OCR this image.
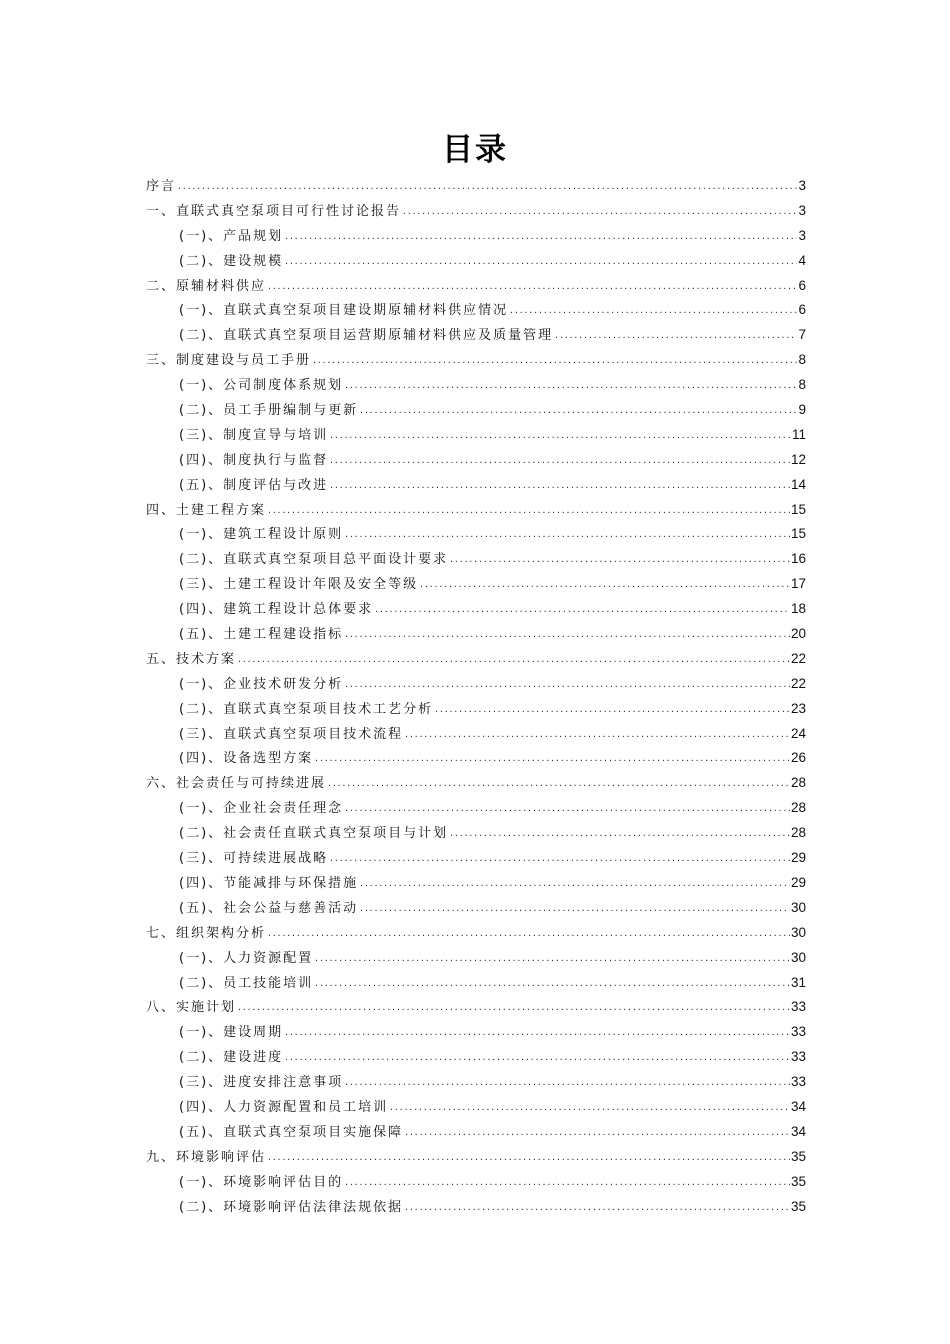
目录
序言 .....	3
一、直联式真空泵项目可行性讨论报告 .....	3
(一)、产品规划 .....	3
(二)、建设规模 .....	4
二、原辅材料供应 .....	6
(一)、直联式真空泵项目建设期原辅材料供应情况 .....	6
(二)、直联式真空泵项目运营期原辅材料供应及质量管理 .....	7
三、制度建设与员工手册 .....	8
(一)、公司制度体系规划 .....	8
(二)、员工手册编制与更新 .....	9
(三)、制度宣导与培训 .....	11
(四)、制度执行与监督 .....	12
(五)、制度评估与改进 .....	14
四、土建工程方案 .....	15
(一)、建筑工程设计原则 .....	15
(二)、直联式真空泵项目总平面设计要求 .....	16
(三)、土建工程设计年限及安全等级 .....	17
(四)、建筑工程设计总体要求 .....	18
(五)、土建工程建设指标 .....	20
五、技术方案 .....	22
(一)、企业技术研发分析 .....	22
(二)、直联式真空泵项目技术工艺分析 .....	23
(三)、直联式真空泵项目技术流程 .....	24
(四)、设备选型方案 .....	26
六、社会责任与可持续进展 .....	28
(一)、企业社会责任理念 .....	28
(二)、社会责任直联式真空泵项目与计划 .....	28
(三)、可持续进展战略 .....	29
(四)、节能减排与环保措施 .....	29
(五)、社会公益与慈善活动 .....	30
七、组织架构分析 .....	30
(一)、人力资源配置 .....	30
(二)、员工技能培训 .....	31
八、实施计划 .....	33
(一)、建设周期 .....	33
(二)、建设进度 .....	33
(三)、进度安排注意事项 .....	33
(四)、人力资源配置和员工培训 .....	34
(五)、直联式真空泵项目实施保障 .....	34
九、环境影响评估 .....	35
(一)、环境影响评估目的 .....	35
(二)、环境影响评估法律法规依据 .....	35
